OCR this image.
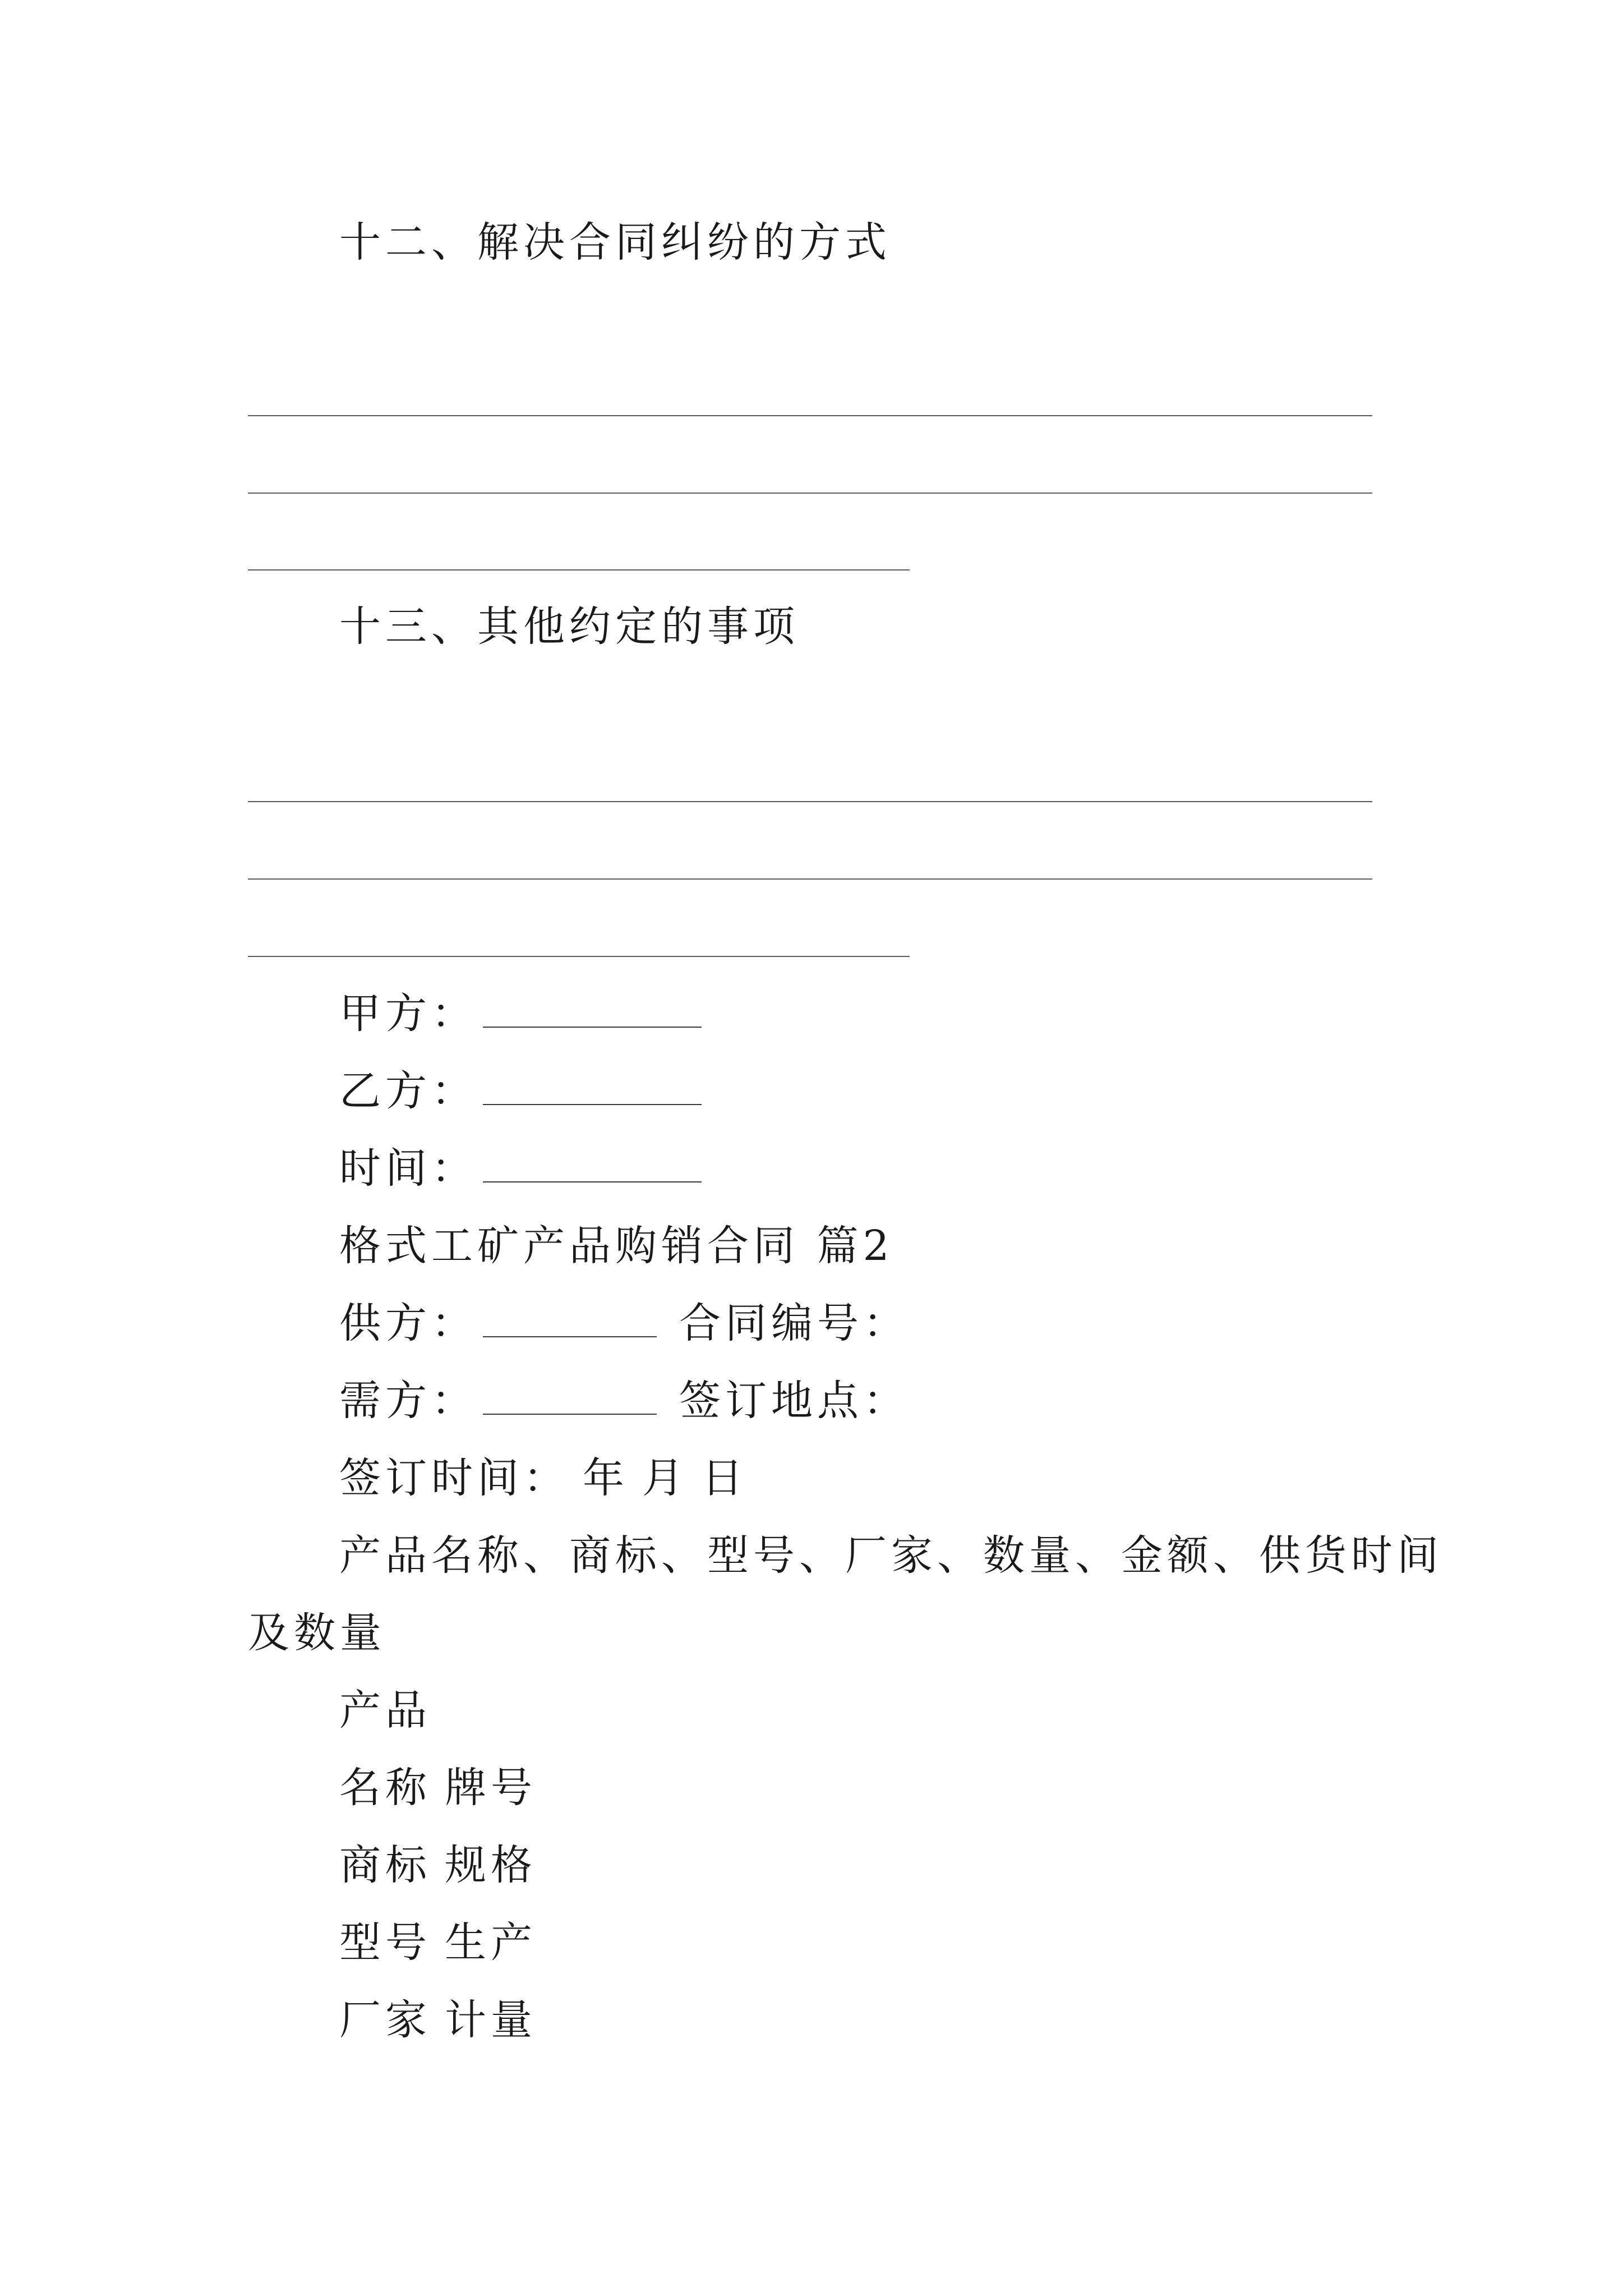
十二、解决合同纠纷的方式
十三、其他约定的事项
甲方：
乙方：
时间：
格式工矿产品购销合同 篇2
供方：	合同编号：
需方：	签订地点：
签订时间： 年 月 日
产品名称、商标、型号、厂家、数量、金额、供货时间
及数量
产品
名称 牌号
商标 规格
型号 生产
厂家 计量
